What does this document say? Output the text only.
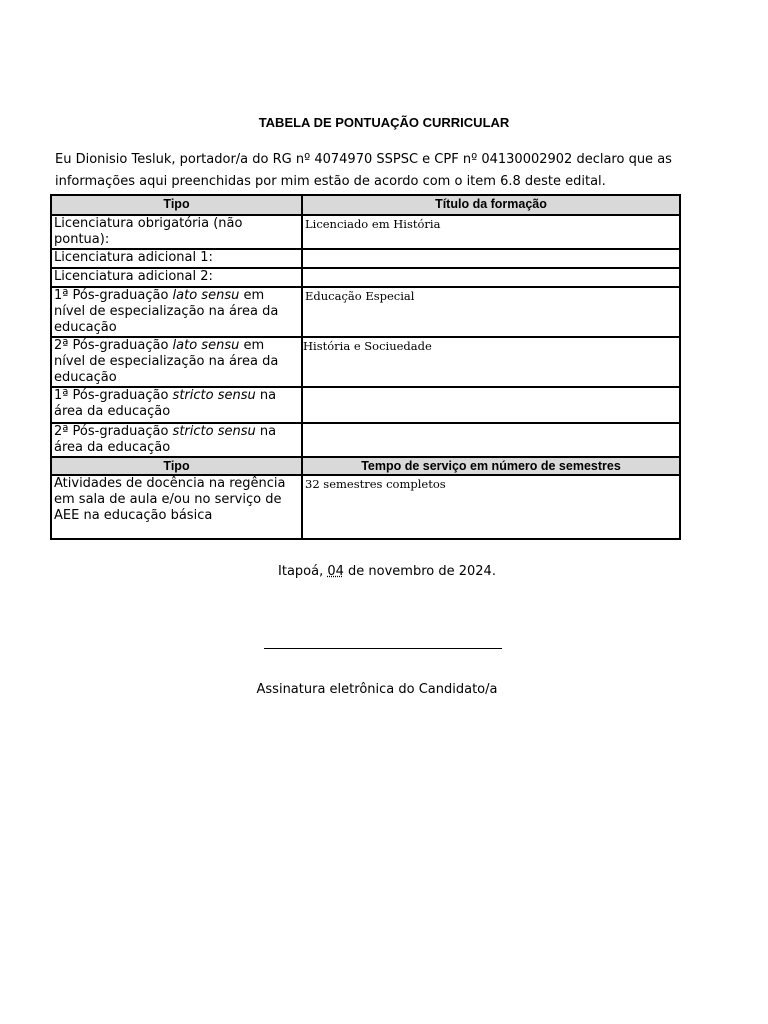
TABELA DE PONTUAÇÃO CURRICULAR
Eu Dionisio Tesluk, portador/a do RG nº 4074970 SSPSC e CPF nº 04130002902 declaro que as informações aqui preenchidas por mim estão de acordo com o item 6.8 deste edital.
Tipo	Título da formação
Licenciatura obrigatória (não pontua):	Licenciado em História
Licenciatura adicional 1:	
Licenciatura adicional 2:	
1ª Pós-graduação lato sensu em nível de especialização na área da educação	Educação Especial
2ª Pós-graduação lato sensu em nível de especialização na área da educação	História e Sociuedade
1ª Pós-graduação stricto sensu na área da educação	
2ª Pós-graduação stricto sensu na área da educação	
Tipo	Tempo de serviço em número de semestres
Atividades de docência na regência em sala de aula e/ou no serviço de AEE na educação básica	32 semestres completos
Itapoá, 04 de novembro de 2024.
Assinatura eletrônica do Candidato/a
